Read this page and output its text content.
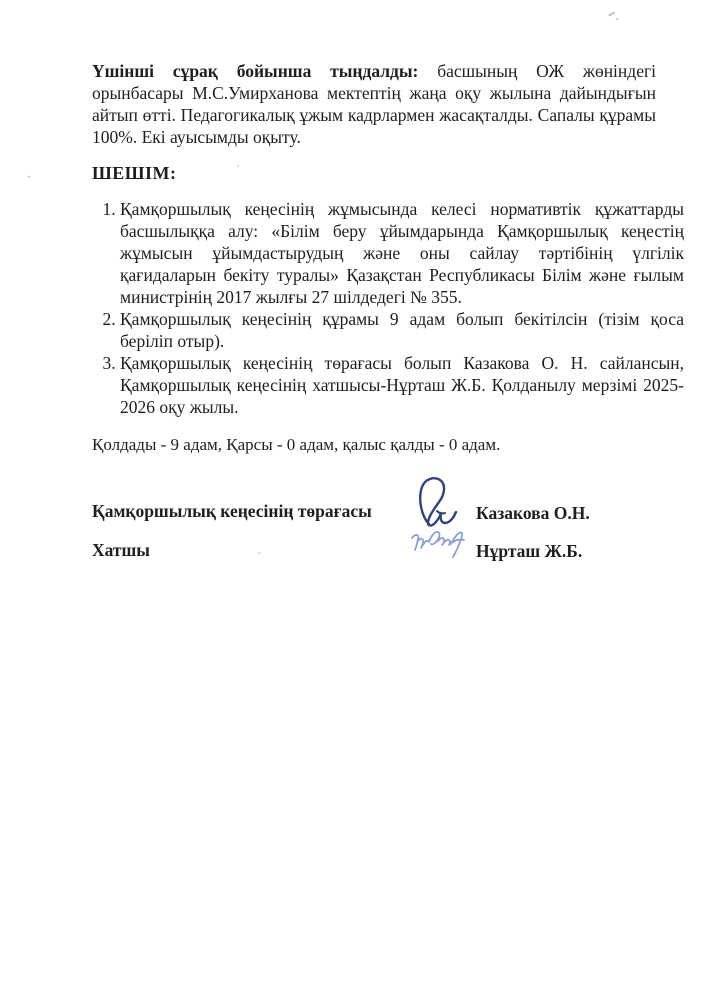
Үшінші сұрақ бойынша тыңдалды: басшының ОЖ жөніндегі орынбасары М.С.Умирханова мектептің жаңа оқу жылына дайындығын айтып өтті. Педагогикалық ұжым кадрлармен жасақталды. Сапалы құрамы 100%. Екі ауысымды оқыту.

ШЕШІМ:
1. Қамқоршылық кеңесінің жұмысында келесі нормативтік құжаттарды басшылыққа алу: «Білім беру ұйымдарында Қамқоршылық кеңестің жұмысын ұйымдастырудың және оны сайлау тәртібінің үлгілік қағидаларын бекіту туралы» Қазақстан Республикасы Білім және ғылым министрінің 2017 жылғы 27 шілдедегі № 355.
2. Қамқоршылық кеңесінің құрамы 9 адам болып бекітілсін (тізім қоса беріліп отыр).
3. Қамқоршылық кеңесінің төрағасы болып Казакова О. Н. сайлансын, Қамқоршылық кеңесінің хатшысы-Нұрташ Ж.Б. Қолданылу мерзімі 2025-2026 оқу жылы.

Қолдады - 9 адам, Қарсы - 0 адам, қалыс қалды - 0 адам.

Қамқоршылық кеңесінің төрағасы	Казакова О.Н.
Хатшы	Нұрташ Ж.Б.
